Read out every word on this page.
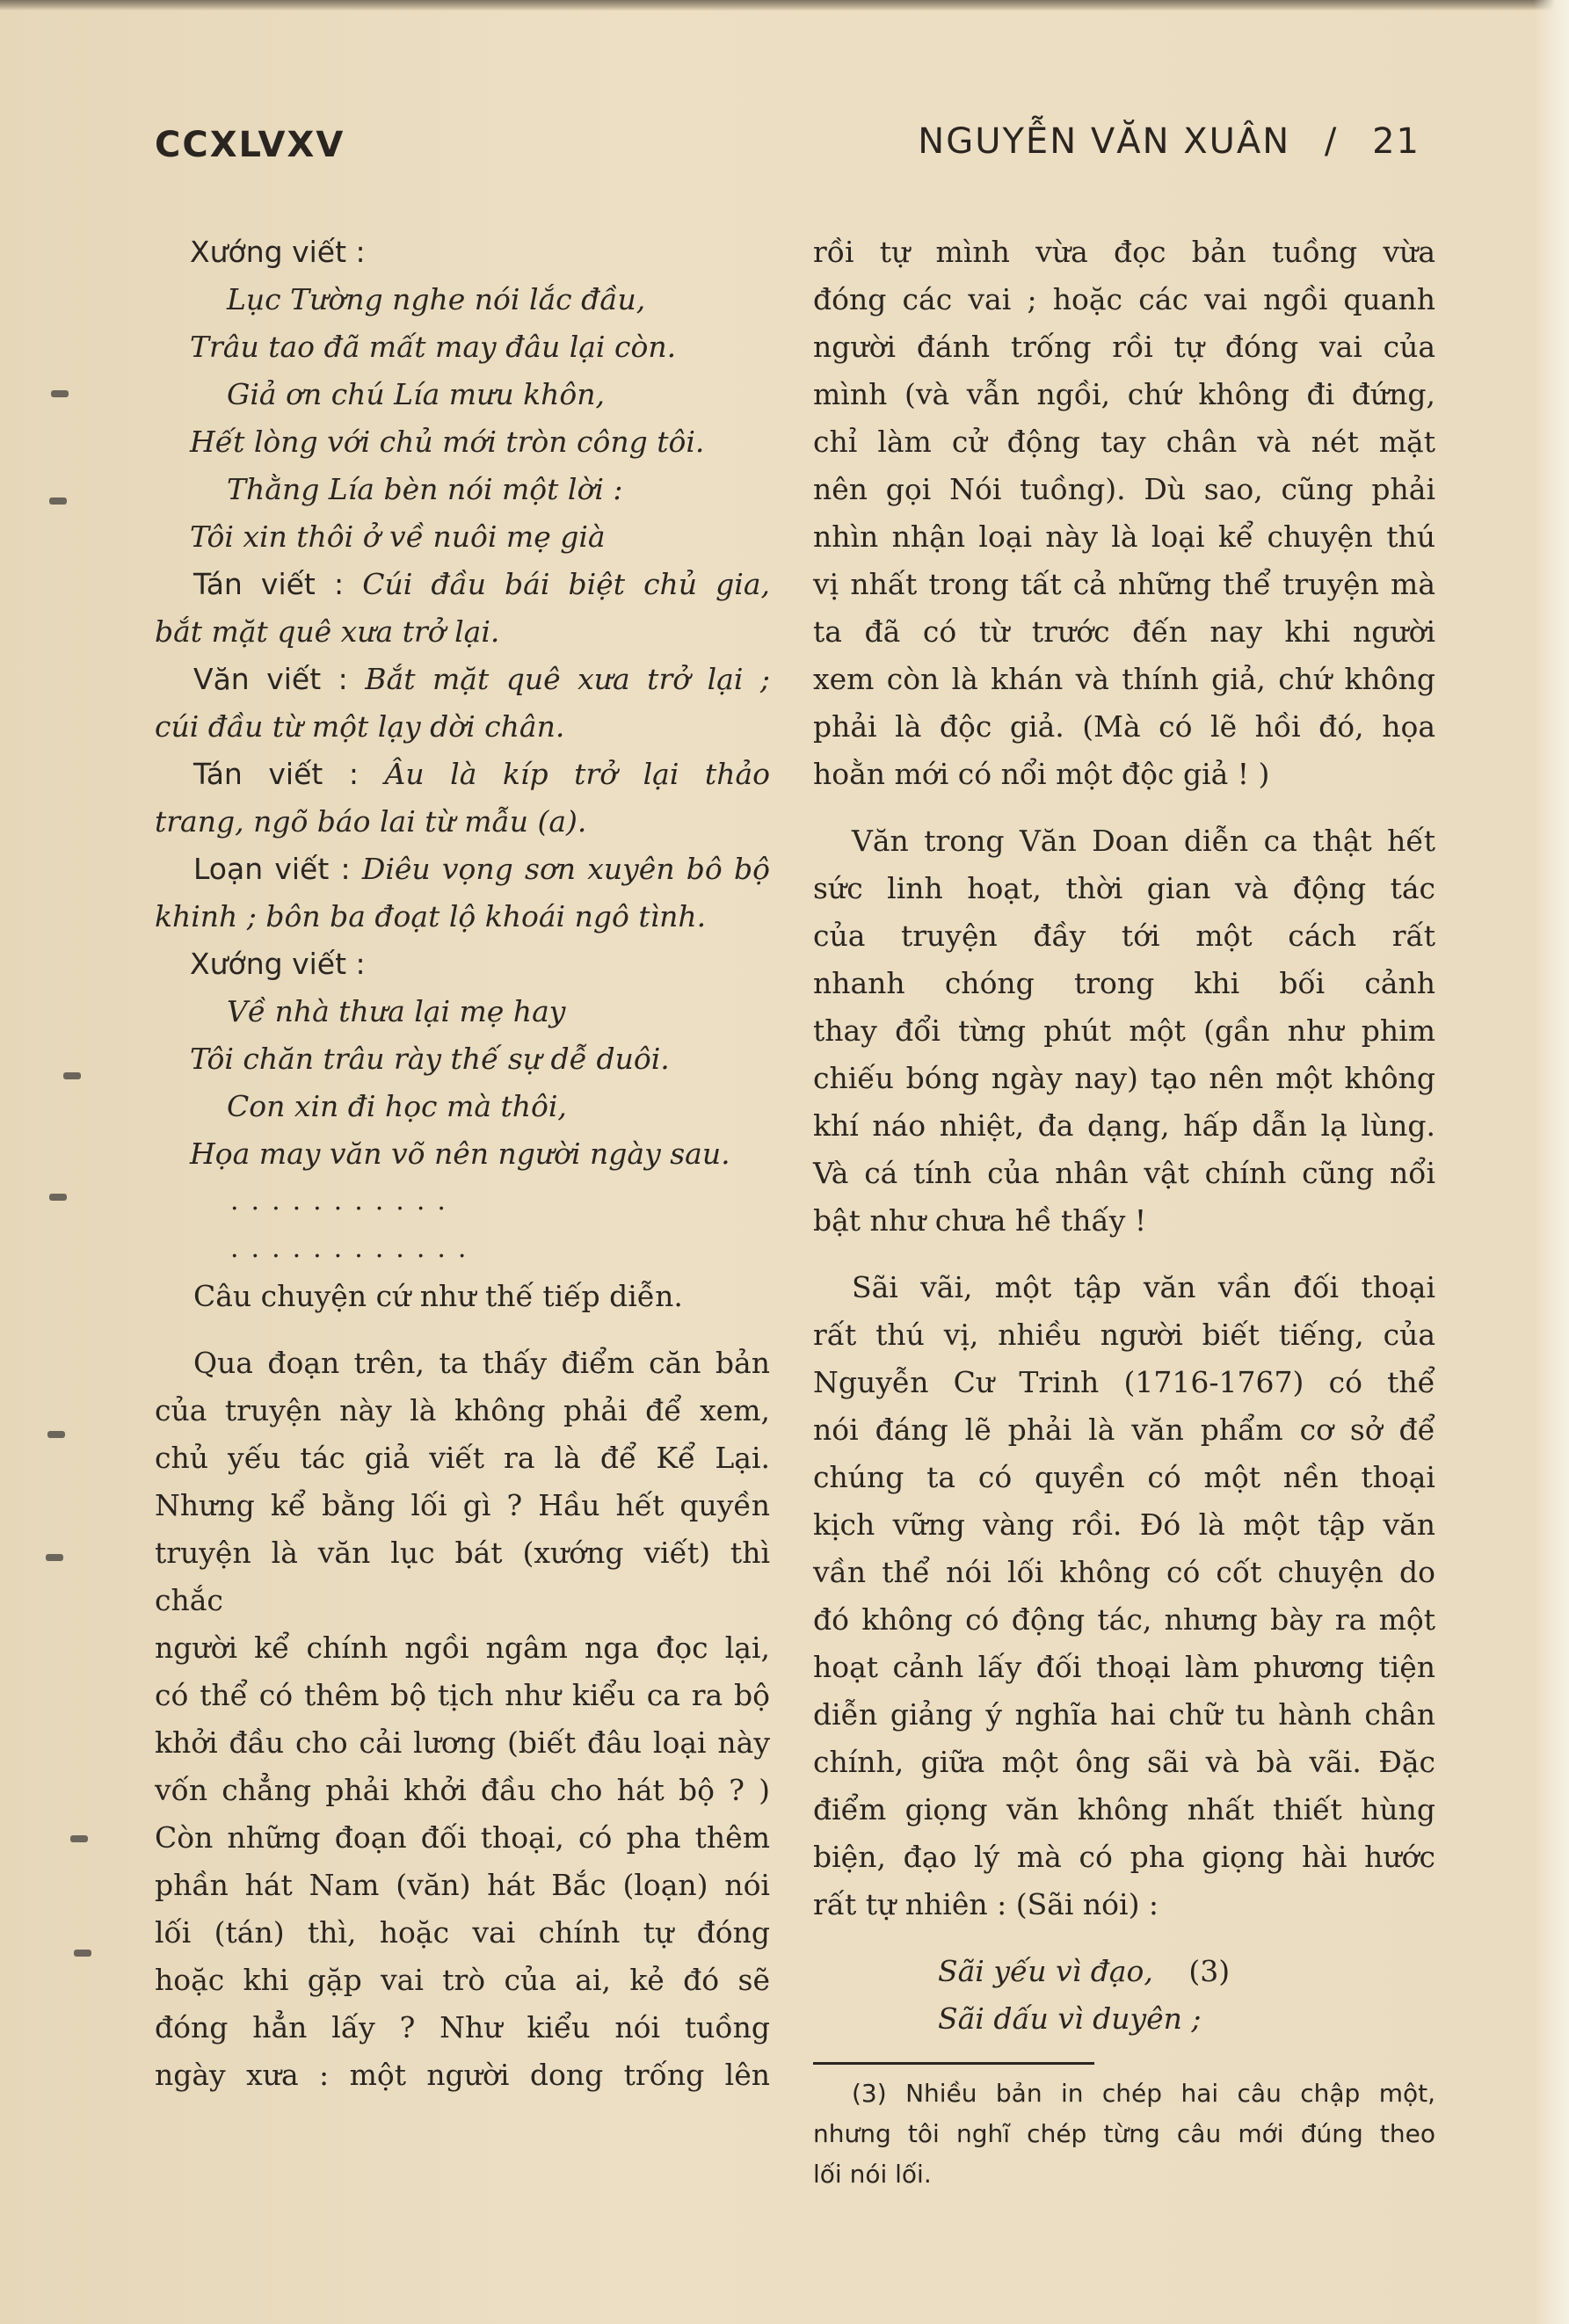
CCXLVXV	NGUYỄN VĂN XUÂN / 21

Xướng viết :

Lục Tường nghe nói lắc đầu,

Trâu tao đã mất may đâu lại còn.

Giả ơn chú Lía mưu khôn,

Hết lòng với chủ mới tròn công tôi.

Thằng Lía bèn nói một lời :

Tôi xin thôi ở về nuôi mẹ già

Tán viết : Cúi đầu bái biệt chủ gia,

bắt mặt quê xưa trở lại.

Văn viết : Bắt mặt quê xưa trở lại ;

cúi đầu từ một lạy dời chân.

Tán viết : Âu là kíp trở lại thảo

trang, ngõ báo lai từ mẫu (a).

Loạn viết : Diêu vọng sơn xuyên bô bộ

khinh ; bôn ba đoạt lộ khoái ngô tình.

Xướng viết :

Về nhà thưa lại mẹ hay

Tôi chăn trâu rày thế sự dễ duôi.

Con xin đi học mà thôi,

Họa may văn võ nên người ngày sau.

...........

............

Câu chuyện cứ như thế tiếp diễn.

Qua đoạn trên, ta thấy điểm căn bản

của truyện này là không phải để xem,

chủ yếu tác giả viết ra là để Kể Lại.

Nhưng kể bằng lối gì ? Hầu hết quyền

truyện là văn lục bát (xướng viết) thì chắc

người kể chính ngồi ngâm nga đọc lại,

có thể có thêm bộ tịch như kiểu ca ra bộ

khởi đầu cho cải lương (biết đâu loại này

vốn chẳng phải khởi đầu cho hát bộ ? )

Còn những đoạn đối thoại, có pha thêm

phần hát Nam (văn) hát Bắc (loạn) nói

lối (tán) thì, hoặc vai chính tự đóng

hoặc khi gặp vai trò của ai, kẻ đó sẽ

đóng hẳn lấy ? Như kiểu nói tuồng

ngày xưa : một người dong trống lên

rồi tự mình vừa đọc bản tuồng vừa

đóng các vai ; hoặc các vai ngồi quanh

người đánh trống rồi tự đóng vai của

mình (và vẫn ngồi, chứ không đi đứng,

chỉ làm cử động tay chân và nét mặt

nên gọi Nói tuồng). Dù sao, cũng phải

nhìn nhận loại này là loại kể chuyện thú

vị nhất trong tất cả những thể truyện mà

ta đã có từ trước đến nay khi người

xem còn là khán và thính giả, chứ không

phải là độc giả. (Mà có lẽ hồi đó, họa

hoằn mới có nổi một độc giả ! )

Văn trong Văn Doan diễn ca thật hết

sức linh hoạt, thời gian và động tác

của truyện đầy tới một cách rất

nhanh chóng trong khi bối cảnh

thay đổi từng phút một (gần như phim

chiếu bóng ngày nay) tạo nên một không

khí náo nhiệt, đa dạng, hấp dẫn lạ lùng.

Và cá tính của nhân vật chính cũng nổi

bật như chưa hề thấy !

Sãi vãi, một tập văn vần đối thoại

rất thú vị, nhiều người biết tiếng, của

Nguyễn Cư Trinh (1716-1767) có thể

nói đáng lẽ phải là văn phẩm cơ sở để

chúng ta có quyền có một nền thoại

kịch vững vàng rồi. Đó là một tập văn

vần thể nói lối không có cốt chuyện do

đó không có động tác, nhưng bày ra một

hoạt cảnh lấy đối thoại làm phương tiện

diễn giảng ý nghĩa hai chữ tu hành chân

chính, giữa một ông sãi và bà vãi. Đặc

điểm giọng văn không nhất thiết hùng

biện, đạo lý mà có pha giọng hài hước

rất tự nhiên : (Sãi nói) :

Sãi yếu vì đạo, (3)

Sãi dấu vì duyên ;

(3) Nhiều bản in chép hai câu chập một,

nhưng tôi nghĩ chép từng câu mới đúng theo

lối nói lối.
